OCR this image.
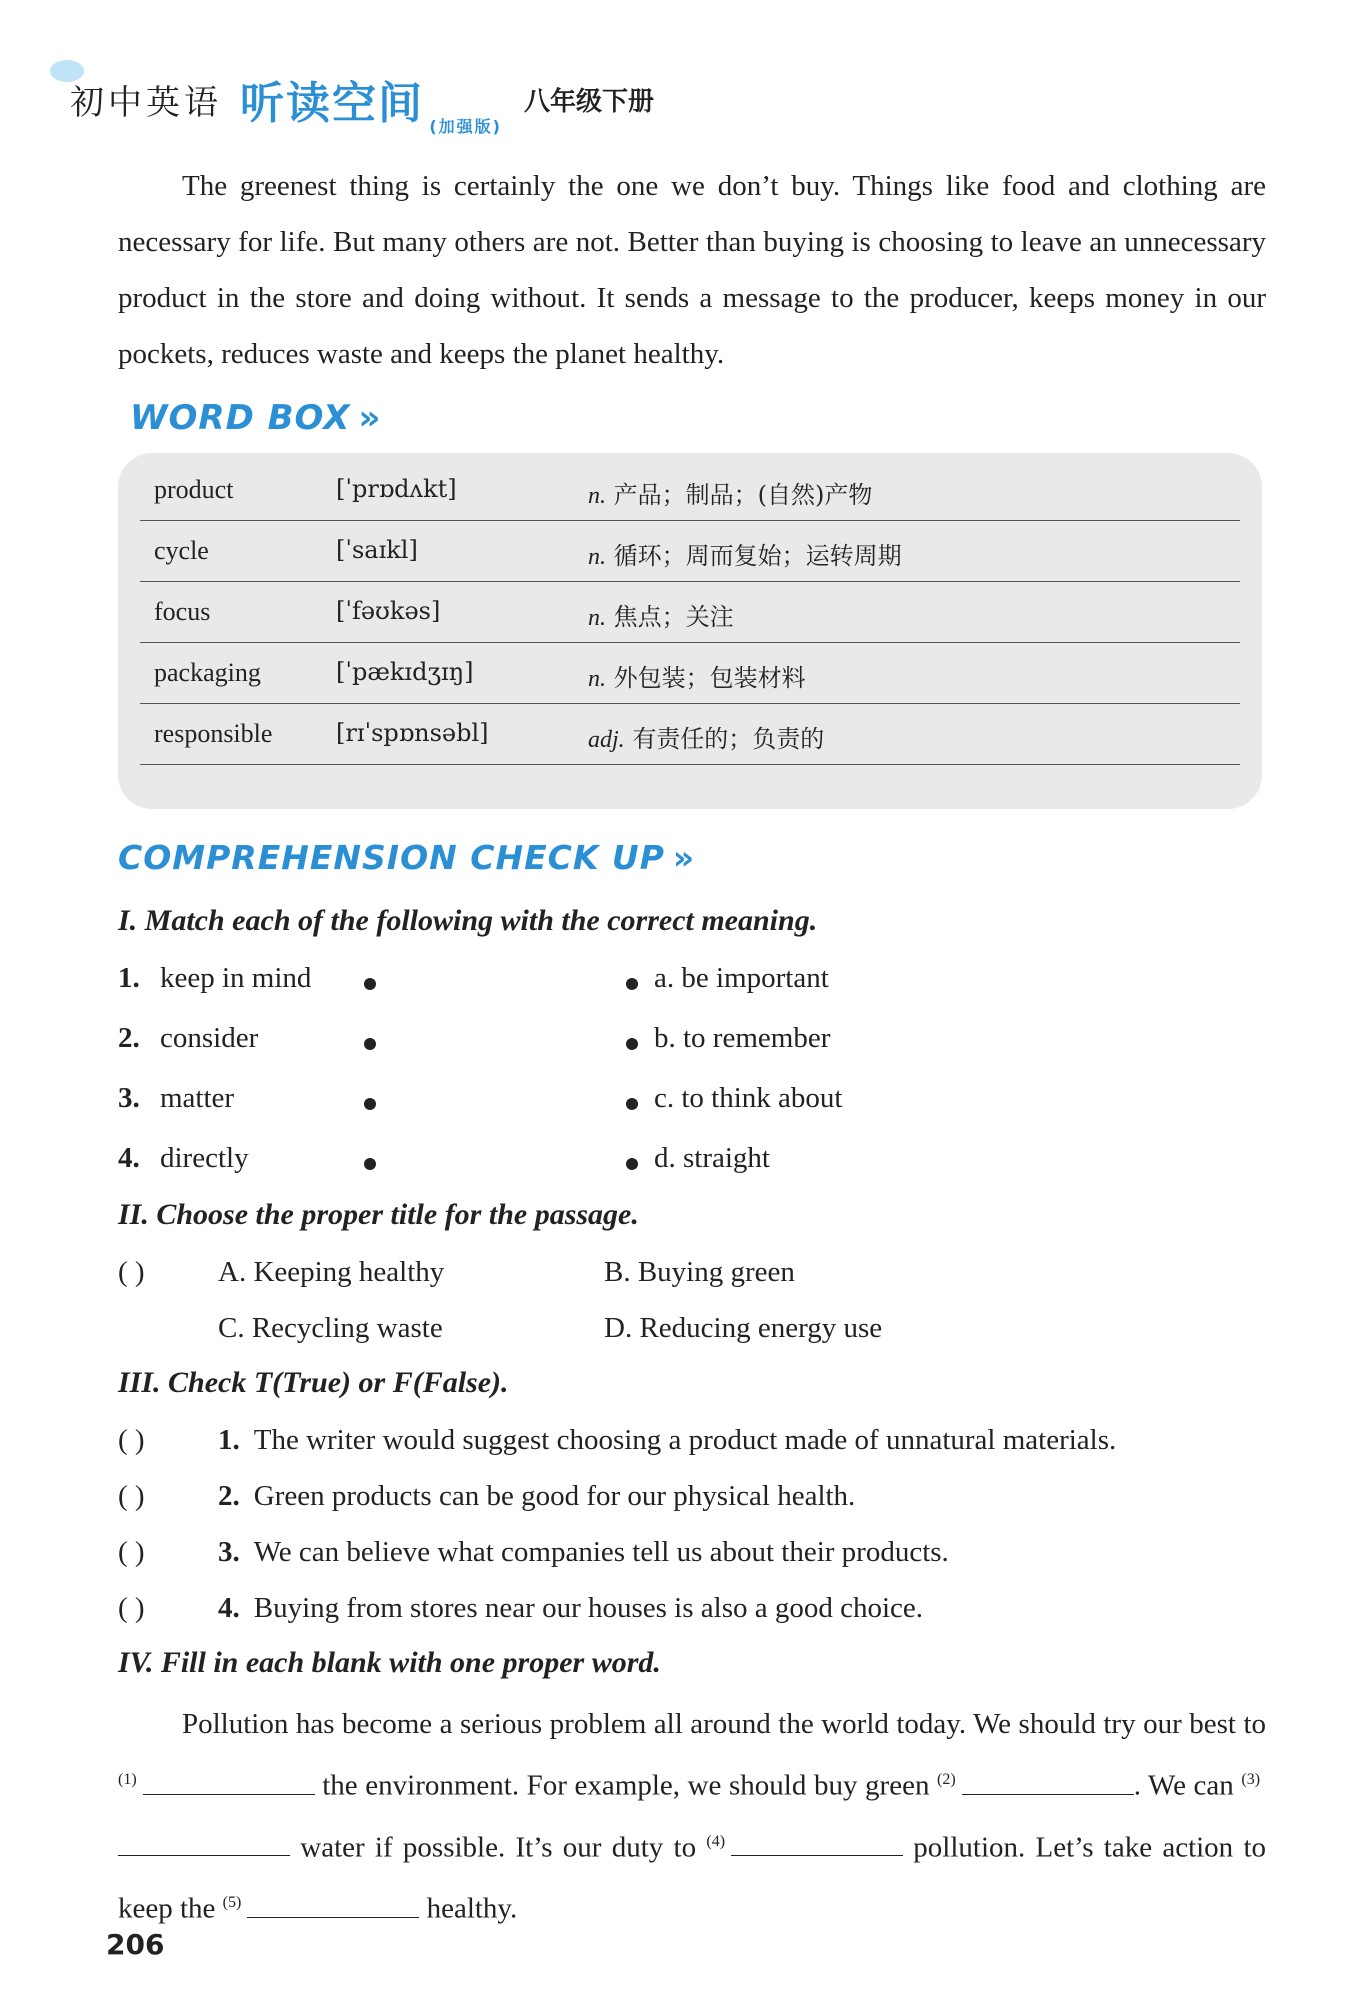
初中英语 听读空间 (加强版)
八年级下册

The greenest thing is certainly the one we don’t buy. Things like food and clothing are necessary for life. But many others are not. Better than buying is choosing to leave an unnecessary product in the store and doing without. It sends a message to the producer, keeps money in our pockets, reduces waste and keeps the planet healthy.

WORD BOX »
product	[ˈprɒdʌkt]	n. 产品；制品；(自然)产物
cycle	[ˈsaɪkl]	n. 循环；周而复始；运转周期
focus	[ˈfəʊkəs]	n. 焦点；关注
packaging	[ˈpækɪdʒɪŋ]	n. 外包装；包装材料
responsible	[rɪˈspɒnsəbl]	adj. 有责任的；负责的
COMPREHENSION CHECK UP »
I. Match each of the following with the correct meaning.
1. keep in mind	a. be important
2. consider	b. to remember
3. matter	c. to think about
4. directly	d. straight
II. Choose the proper title for the passage.
( )	A. Keeping healthy	B. Buying green
C. Recycling waste	D. Reducing energy use
III. Check T(True) or F(False).
( )	1. The writer would suggest choosing a product made of unnatural materials.
( )	2. Green products can be good for our physical health.
( )	3. We can believe what companies tell us about their products.
( )	4. Buying from stores near our houses is also a good choice.
IV. Fill in each blank with one proper word.

Pollution has become a serious problem all around the world today. We should try our best to $^{(1)}$	the environment. For example, we should buy green $^{(2)}$	. We can $^{(3)}$ water if possible. It’s our duty to $^{(4)}$	pollution. Let’s take action to keep the $^{(5)}$	healthy.

206
